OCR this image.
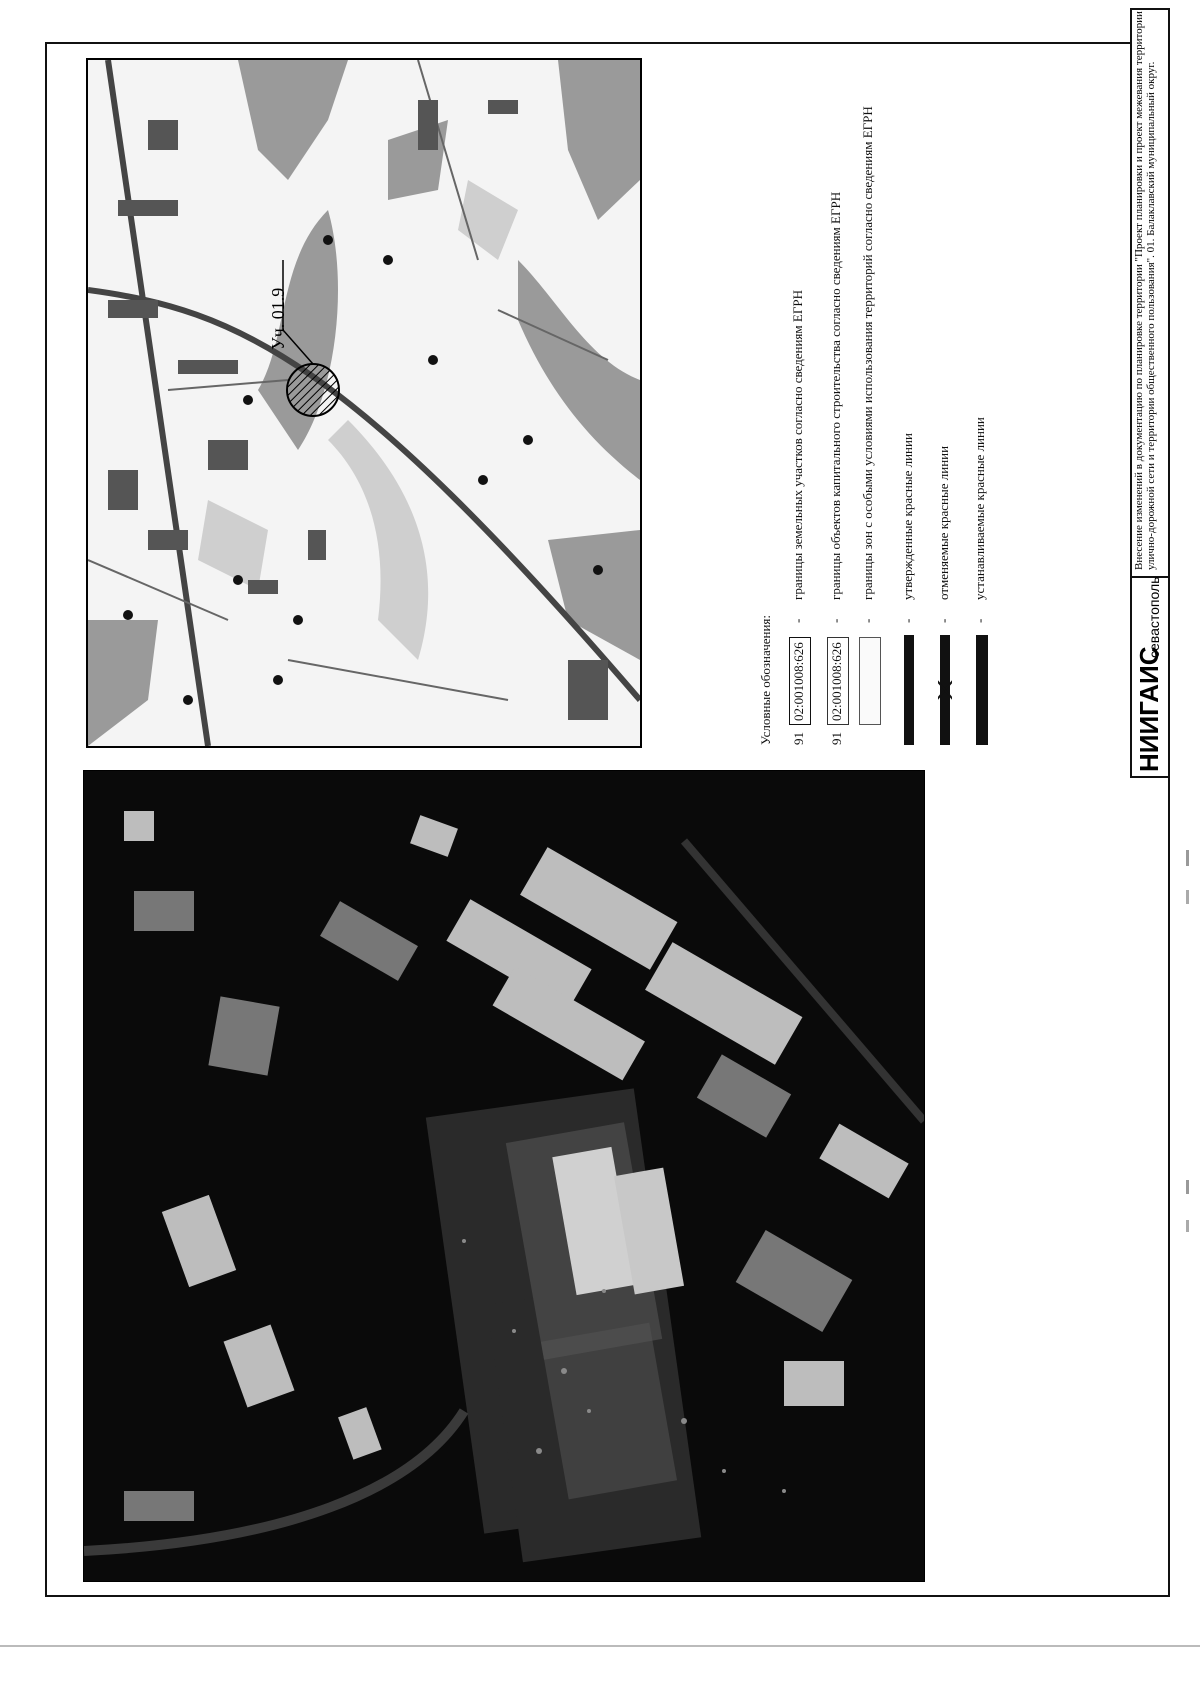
Уч. 01.9
Условные обозначения: 91
02:001008:626
-
границы земельных участков согласно сведениям ЕГРН
91
02:001008:626
-
границы объектов капитального строительства согласно сведениям ЕГРН
-
границы зон с особыми условиями использования территорий согласно сведениям ЕГРН
-
утвержденные красные линии
-
отменяемые красные линии
-
устанавливаемые красные линии
НИИГАИС
севастополь
Внесение изменений в документацию по планировке территории "Проект планировки и проект межевания территории улично-дорожной сети и территории общественного пользования". 01. Балаклавский муниципальный округ.
